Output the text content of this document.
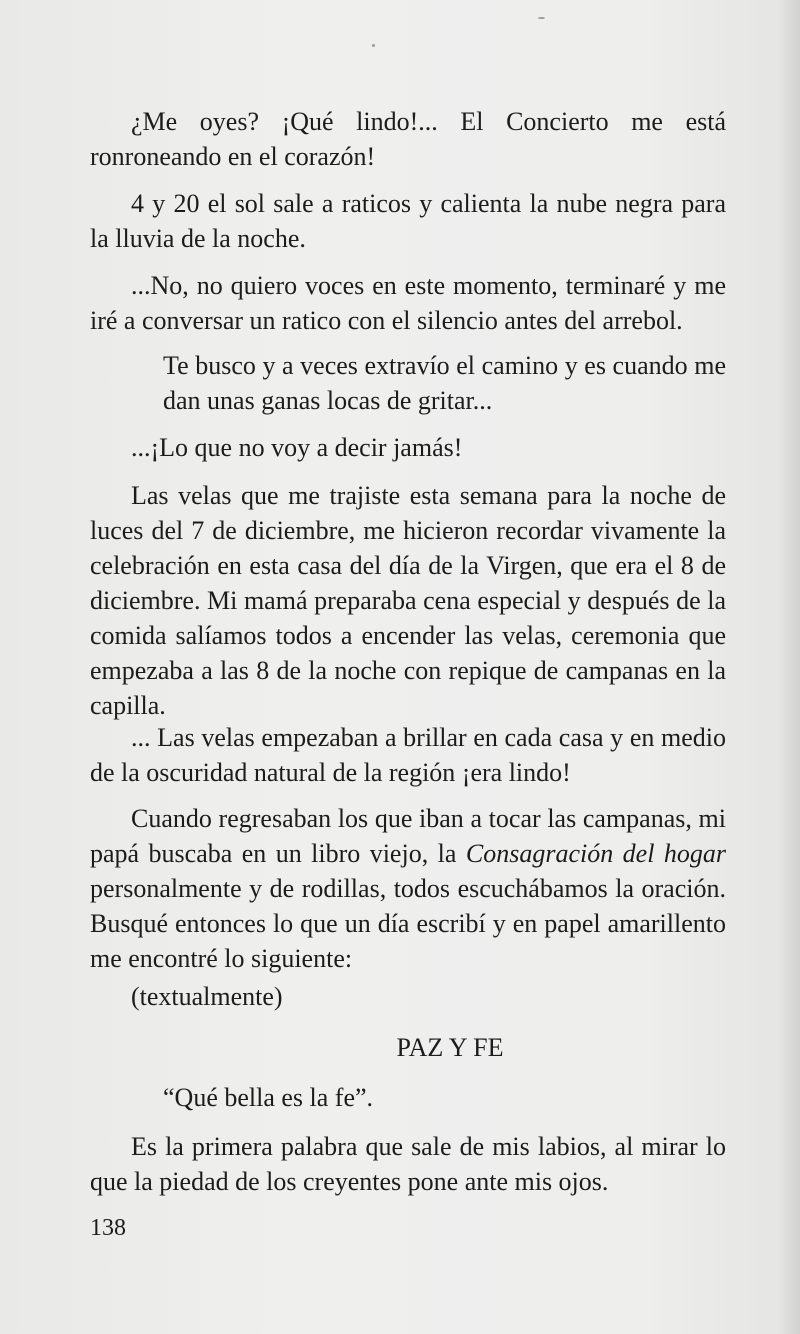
¿Me oyes? ¡Qué lindo!... El Concierto me está ronroneando en el corazón!

4 y 20 el sol sale a raticos y calienta la nube negra para la lluvia de la noche.

...No, no quiero voces en este momento, terminaré y me iré a conversar un ratico con el silencio antes del arrebol.

Te busco y a veces extravío el camino y es cuando me dan unas ganas locas de gritar...

...¡Lo que no voy a decir jamás!

Las velas que me trajiste esta semana para la noche de luces del 7 de diciembre, me hicieron recordar vivamente la celebración en esta casa del día de la Virgen, que era el 8 de diciembre. Mi mamá preparaba cena especial y después de la comida salíamos todos a encender las velas, ceremonia que empezaba a las 8 de la noche con repique de campanas en la capilla.

... Las velas empezaban a brillar en cada casa y en medio de la oscuridad natural de la región ¡era lindo!

Cuando regresaban los que iban a tocar las campanas, mi papá buscaba en un libro viejo, la Consagración del hogar personalmente y de rodillas, todos escuchábamos la oración. Busqué entonces lo que un día escribí y en papel amarillento me encontré lo siguiente:

(textualmente)

PAZ Y FE

“Qué bella es la fe”.

Es la primera palabra que sale de mis labios, al mirar lo que la piedad de los creyentes pone ante mis ojos.

138
